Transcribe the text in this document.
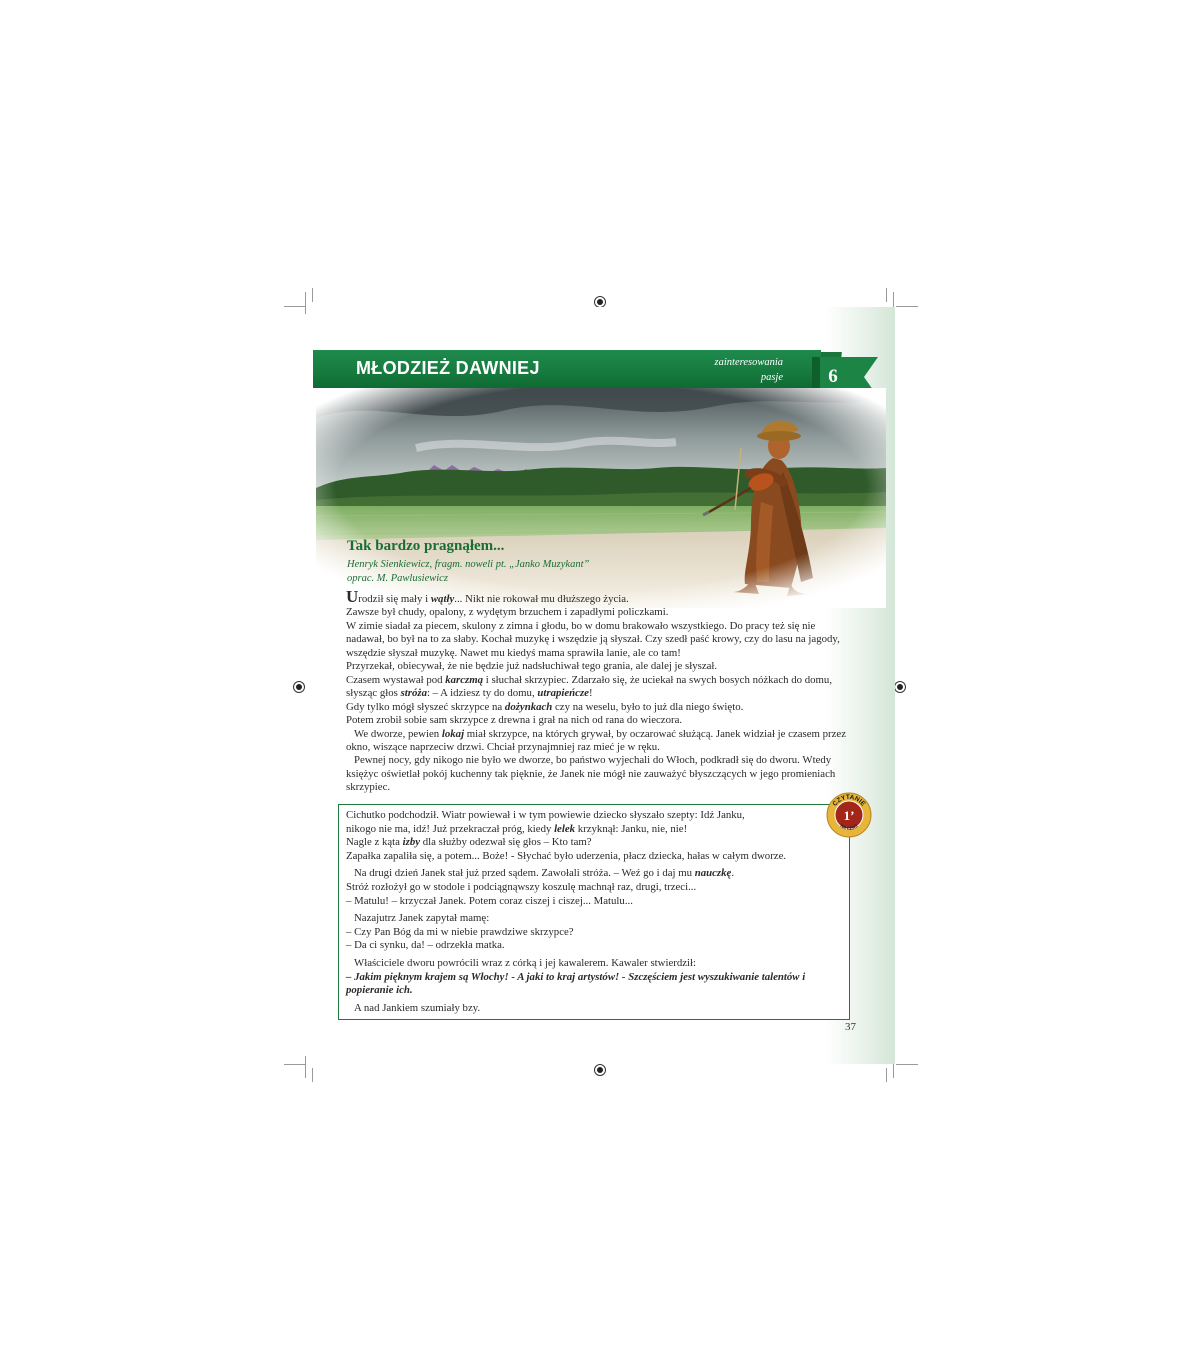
MŁODZIEŻ DAWNIEJ	zainteresowania
pasje	6
Tak bardzo pragnąłem...
Henryk Sienkiewicz, fragm. noweli pt. „Janko Muzykant”
oprac. M. Pawlusiewicz

Urodził się mały i wątły... Nikt nie rokował mu dłuższego życia.

Zawsze był chudy, opalony, z wydętym brzuchem i zapadłymi policzkami.

W zimie siadał za piecem, skulony z zimna i głodu, bo w domu brakowało wszystkiego. Do pracy też się nie nadawał, bo był na to za słaby. Kochał muzykę i wszędzie ją słyszał. Czy szedł paść krowy, czy do lasu na jagody, wszędzie słyszał muzykę. Nawet mu kiedyś mama sprawiła lanie, ale co tam!

Przyrzekał, obiecywał, że nie będzie już nadsłuchiwał tego grania, ale dalej je słyszał.

Czasem wystawał pod karczmą i słuchał skrzypiec. Zdarzało się, że uciekał na swych bosych nóżkach do domu, słysząc głos stróża: – A idziesz ty do domu, utrapieńcze!

Gdy tylko mógł słyszeć skrzypce na dożynkach czy na weselu, było to już dla niego święto.

Potem zrobił sobie sam skrzypce z drewna i grał na nich od rana do wieczora.

We dworze, pewien lokaj miał skrzypce, na których grywał, by oczarować służącą. Janek widział je czasem przez okno, wiszące naprzeciw drzwi. Chciał przynajmniej raz mieć je w ręku.

Pewnej nocy, gdy nikogo nie było we dworze, bo państwo wyjechali do Włoch, podkradł się do dworu. Wtedy księżyc oświetlał pokój kuchenny tak pięknie, że Janek nie mógł nie zauważyć błyszczących w jego promieniach skrzypiec.

Cichutko podchodził. Wiatr powiewał i w tym powiewie dziecko słyszało szepty: Idź Janku,

nikogo nie ma, idź! Już przekraczał próg, kiedy lelek krzyknął: Janku, nie, nie!

Nagle z kąta izby dla służby odezwał się głos – Kto tam?

Zapałka zapaliła się, a potem... Boże! - Słychać było uderzenia, płacz dziecka, hałas w całym dworze.

Na drugi dzień Janek stał już przed sądem. Zawołali stróża. – Weź go i daj mu nauczkę.

Stróż rozłożył go w stodole i podciągnąwszy koszulę machnął raz, drugi, trzeci...

– Matulu! – krzyczał Janek. Potem coraz ciszej i ciszej... Matulu...

Nazajutrz Janek zapytał mamę:

– Czy Pan Bóg da mi w niebie prawdziwe skrzypce?

– Da ci synku, da! – odrzekła matka.

Właściciele dworu powrócili wraz z córką i jej kawalerem. Kawaler stwierdził:

– Jakim pięknym krajem są Włochy! - A jaki to kraj artystów! - Szczęściem jest wyszukiwanie talentów i popieranie ich.

A nad Jankiem szumiały bzy.

CZYTANIE
1’
NA CZAS
37
